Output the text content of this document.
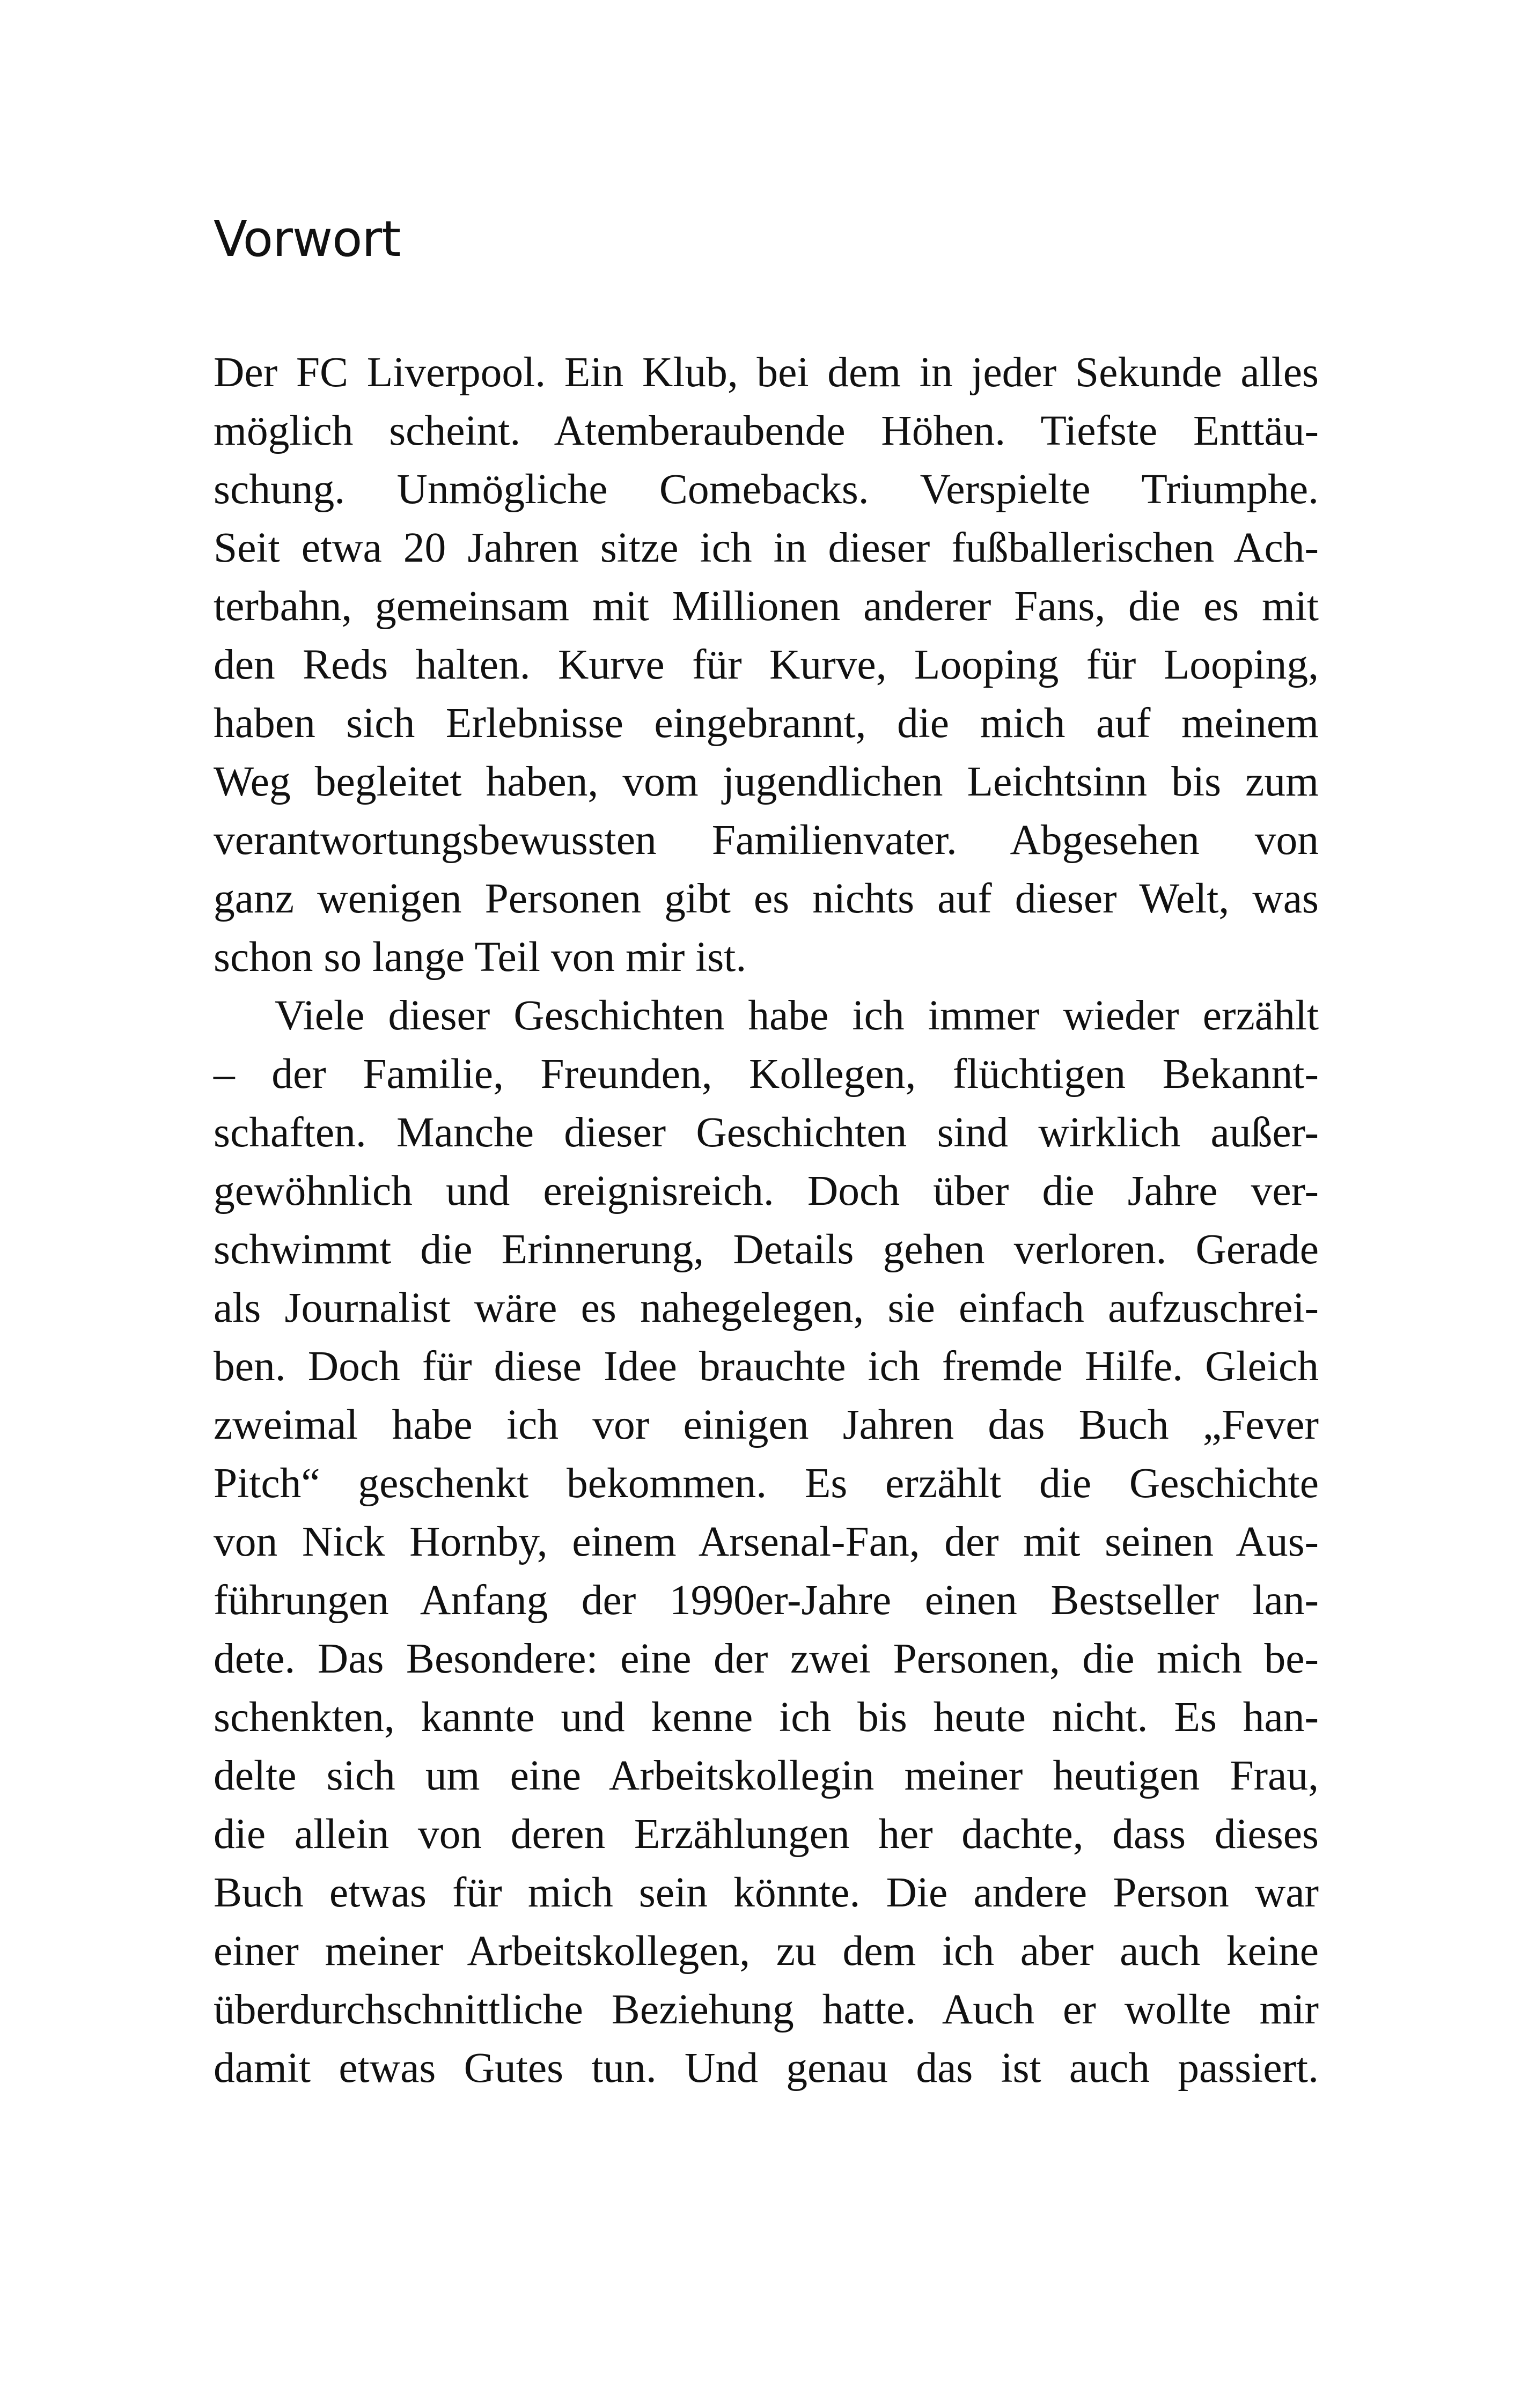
Vorwort
Der FC Liverpool. Ein Klub, bei dem in jeder Sekunde alles
möglich scheint. Atemberaubende Höhen. Tiefste Enttäu-
schung. Unmögliche Comebacks. Verspielte Triumphe.
Seit etwa 20 Jahren sitze ich in dieser fußballerischen Ach-
terbahn, gemeinsam mit Millionen anderer Fans, die es mit
den Reds halten. Kurve für Kurve, Looping für Looping,
haben sich Erlebnisse eingebrannt, die mich auf meinem
Weg begleitet haben, vom jugendlichen Leichtsinn bis zum
verantwortungsbewussten Familienvater. Abgesehen von
ganz wenigen Personen gibt es nichts auf dieser Welt, was
schon so lange Teil von mir ist.
Viele dieser Geschichten habe ich immer wieder erzählt
– der Familie, Freunden, Kollegen, flüchtigen Bekannt-
schaften. Manche dieser Geschichten sind wirklich außer-
gewöhnlich und ereignisreich. Doch über die Jahre ver-
schwimmt die Erinnerung, Details gehen verloren. Gerade
als Journalist wäre es nahegelegen, sie einfach aufzuschrei-
ben. Doch für diese Idee brauchte ich fremde Hilfe. Gleich
zweimal habe ich vor einigen Jahren das Buch „Fever
Pitch“ geschenkt bekommen. Es erzählt die Geschichte
von Nick Hornby, einem Arsenal-Fan, der mit seinen Aus-
führungen Anfang der 1990er-Jahre einen Bestseller lan-
dete. Das Besondere: eine der zwei Personen, die mich be-
schenkten, kannte und kenne ich bis heute nicht. Es han-
delte sich um eine Arbeitskollegin meiner heutigen Frau,
die allein von deren Erzählungen her dachte, dass dieses
Buch etwas für mich sein könnte. Die andere Person war
einer meiner Arbeitskollegen, zu dem ich aber auch keine
überdurchschnittliche Beziehung hatte. Auch er wollte mir
damit etwas Gutes tun. Und genau das ist auch passiert.
